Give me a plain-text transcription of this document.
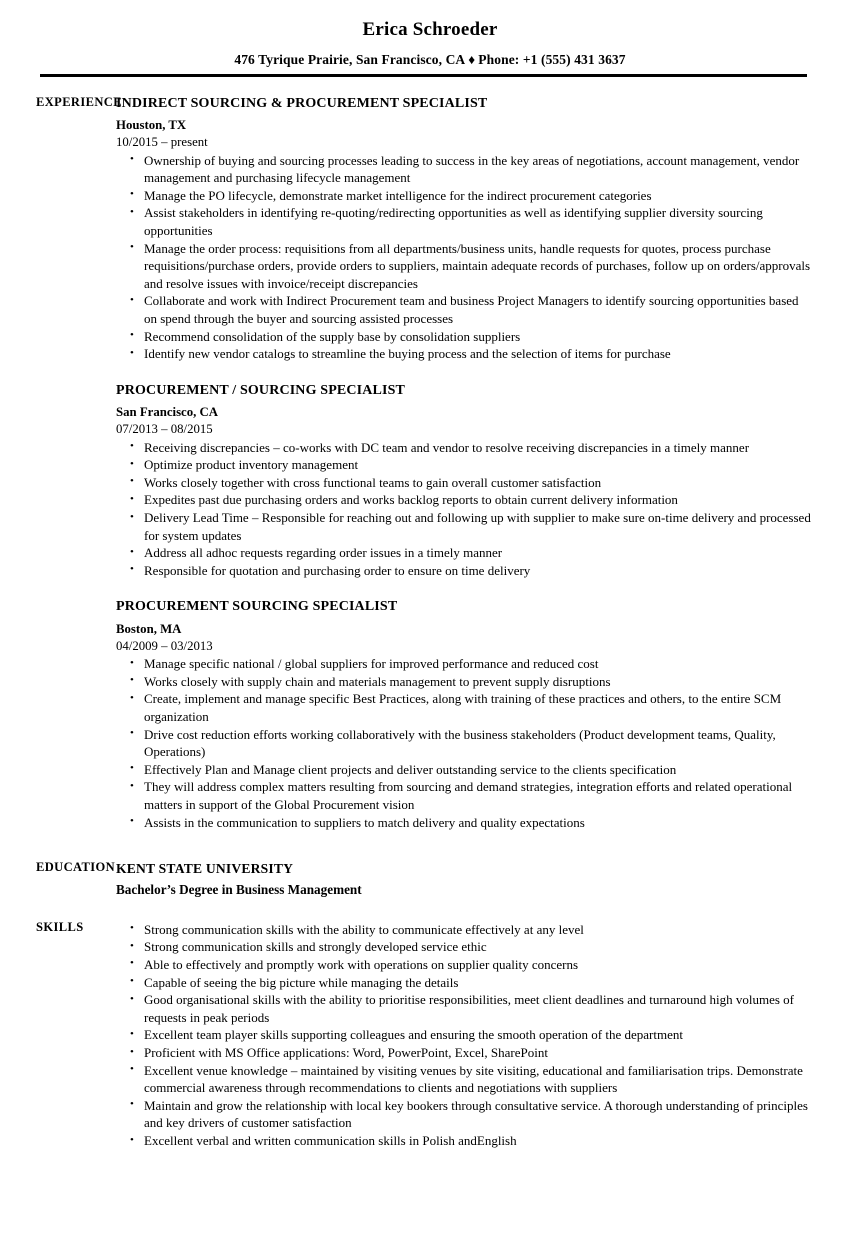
Erica Schroeder
476 Tyrique Prairie, San Francisco, CA ♦ Phone: +1 (555) 431 3637
EXPERIENCE
INDIRECT SOURCING & PROCUREMENT SPECIALIST
Houston, TX
10/2015 – present
• Ownership of buying and sourcing processes leading to success in the key areas of negotiations, account management, vendor management and purchasing lifecycle management
• Manage the PO lifecycle, demonstrate market intelligence for the indirect procurement categories
• Assist stakeholders in identifying re-quoting/redirecting opportunities as well as identifying supplier diversity sourcing opportunities
• Manage the order process: requisitions from all departments/business units, handle requests for quotes, process purchase requisitions/purchase orders, provide orders to suppliers, maintain adequate records of purchases, follow up on orders/approvals and resolve issues with invoice/receipt discrepancies
• Collaborate and work with Indirect Procurement team and business Project Managers to identify sourcing opportunities based on spend through the buyer and sourcing assisted processes
• Recommend consolidation of the supply base by consolidation suppliers
• Identify new vendor catalogs to streamline the buying process and the selection of items for purchase
PROCUREMENT / SOURCING SPECIALIST
San Francisco, CA
07/2013 – 08/2015
• Receiving discrepancies – co-works with DC team and vendor to resolve receiving discrepancies in a timely manner
• Optimize product inventory management
• Works closely together with cross functional teams to gain overall customer satisfaction
• Expedites past due purchasing orders and works backlog reports to obtain current delivery information
• Delivery Lead Time – Responsible for reaching out and following up with supplier to make sure on-time delivery and processed for system updates
• Address all adhoc requests regarding order issues in a timely manner
• Responsible for quotation and purchasing order to ensure on time delivery
PROCUREMENT SOURCING SPECIALIST
Boston, MA
04/2009 – 03/2013
• Manage specific national / global suppliers for improved performance and reduced cost
• Works closely with supply chain and materials management to prevent supply disruptions
• Create, implement and manage specific Best Practices, along with training of these practices and others, to the entire SCM organization
• Drive cost reduction efforts working collaboratively with the business stakeholders (Product development teams, Quality, Operations)
• Effectively Plan and Manage client projects and deliver outstanding service to the clients specification
• They will address complex matters resulting from sourcing and demand strategies, integration efforts and related operational matters in support of the Global Procurement vision
• Assists in the communication to suppliers to match delivery and quality expectations
EDUCATION KENT STATE UNIVERSITY
Bachelor’s Degree in Business Management
SKILLS	• Strong communication skills with the ability to communicate effectively at any level
• Strong communication skills and strongly developed service ethic
• Able to effectively and promptly work with operations on supplier quality concerns
• Capable of seeing the big picture while managing the details
• Good organisational skills with the ability to prioritise responsibilities, meet client deadlines and turnaround high volumes of requests in peak periods
• Excellent team player skills supporting colleagues and ensuring the smooth operation of the department
• Proficient with MS Office applications: Word, PowerPoint, Excel, SharePoint
• Excellent venue knowledge – maintained by visiting venues by site visiting, educational and familiarisation trips. Demonstrate commercial awareness through recommendations to clients and negotiations with suppliers
• Maintain and grow the relationship with local key bookers through consultative service. A thorough understanding of principles and key drivers of customer satisfaction
• Excellent verbal and written communication skills in Polish andEnglish
